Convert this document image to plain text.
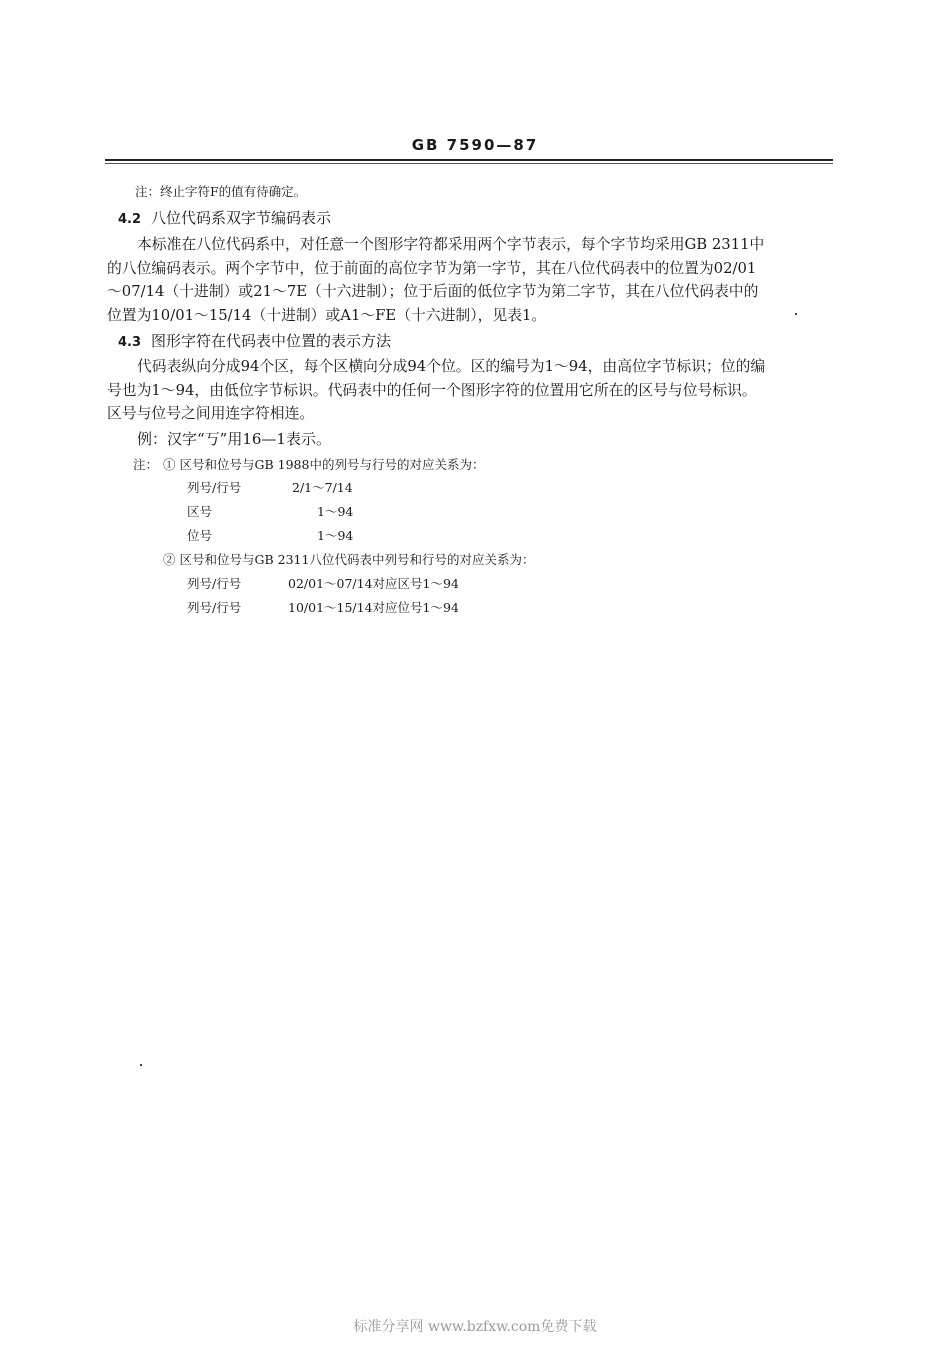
GB 7590—87
注：终止字符F的值有待确定。
4.2 八位代码系双字节编码表示

本标准在八位代码系中，对任意一个图形字符都采用两个字节表示，每个字节均采用GB 2311中

的八位编码表示。两个字节中，位于前面的高位字节为第一字节，其在八位代码表中的位置为02/01

～07/14（十进制）或21～7E（十六进制）；位于后面的低位字节为第二字节，其在八位代码表中的

位置为10/01～15/14（十进制）或A1～FE（十六进制），见表1。

4.3 图形字符在代码表中位置的表示方法

代码表纵向分成94个区，每个区横向分成94个位。区的编号为1～94，由高位字节标识；位的编

号也为1～94，由低位字节标识。代码表中的任何一个图形字符的位置用它所在的区号与位号标识。

区号与位号之间用连字符相连。

例：汉字“丂”用16—1表示。
注： ① 区号和位号与GB 1988中的列号与行号的对应关系为：
列号/行号	2/1～7/14
区号	1～94
位号	1～94
② 区号和位号与GB 2311八位代码表中列号和行号的对应关系为：
列号/行号	02/01～07/14对应区号1～94
列号/行号	10/01～15/14对应位号1～94
标准分享网 www.bzfxw.com免费下载
